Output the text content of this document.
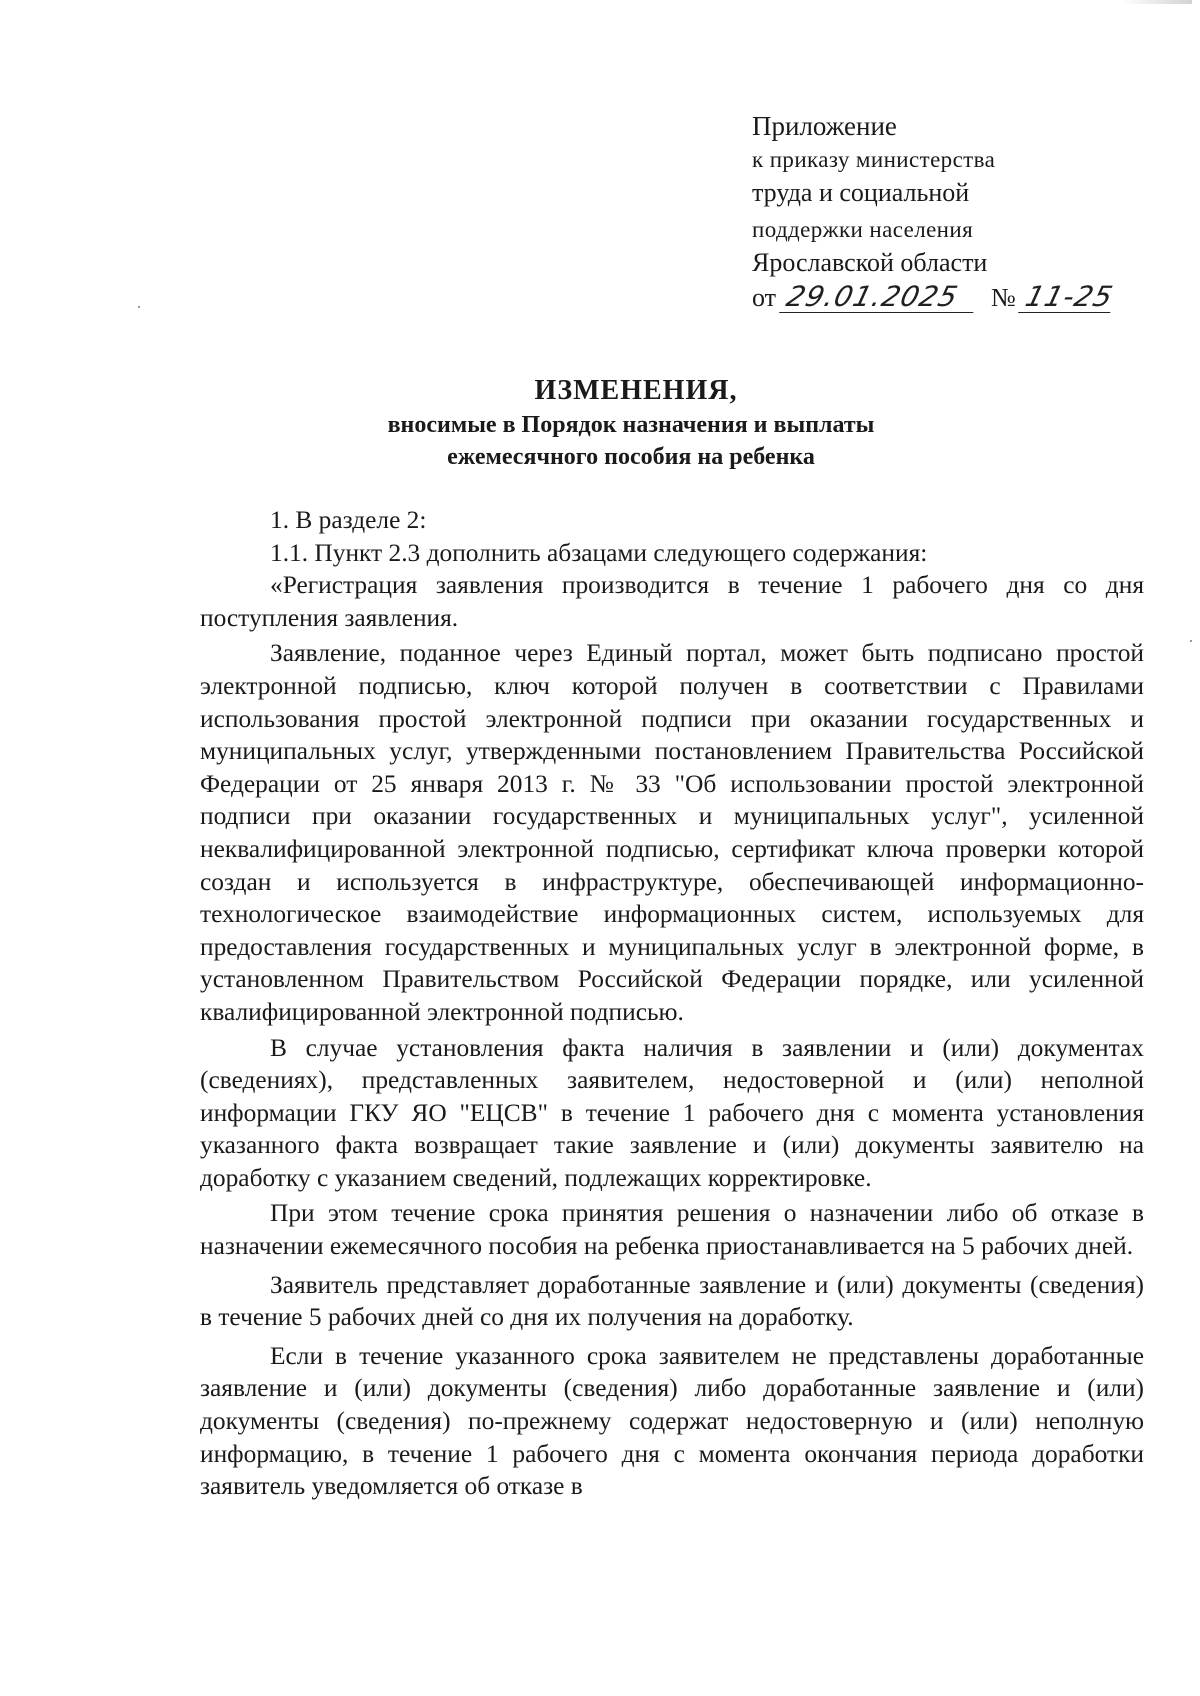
Приложение
к приказу министерства
труда и социальной
поддержки населения
Ярославской области
от 29.01.2025 № 11-25

ИЗМЕНЕНИЯ,

вносимые в Порядок назначения и выплаты

ежемесячного пособия на ребенка

1. В разделе 2:

1.1. Пункт 2.3 дополнить абзацами следующего содержания:

«Регистрация заявления производится в течение 1 рабочего дня со дня поступления заявления.

Заявление, поданное через Единый портал, может быть подписано простой электронной подписью, ключ которой получен в соответствии с Правилами использования простой электронной подписи при оказании государственных и муниципальных услуг, утвержденными постановлением Правительства Российской Федерации от 25 января 2013 г. № 33 "Об использовании простой электронной подписи при оказании государственных и муниципальных услуг", усиленной неквалифицированной электронной подписью, сертификат ключа проверки которой создан и используется в инфраструктуре, обеспечивающей информационно-технологическое взаимодействие информационных систем, используемых для предоставления государственных и муниципальных услуг в электронной форме, в установленном Правительством Российской Федерации порядке, или усиленной квалифицированной электронной подписью.

В случае установления факта наличия в заявлении и (или) документах (сведениях), представленных заявителем, недостоверной и (или) неполной информации ГКУ ЯО "ЕЦСВ" в течение 1 рабочего дня с момента установления указанного факта возвращает такие заявление и (или) документы заявителю на доработку с указанием сведений, подлежащих корректировке.

При этом течение срока принятия решения о назначении либо об отказе в назначении ежемесячного пособия на ребенка приостанавливается на 5 рабочих дней.

Заявитель представляет доработанные заявление и (или) документы (сведения) в течение 5 рабочих дней со дня их получения на доработку.

Если в течение указанного срока заявителем не представлены доработанные заявление и (или) документы (сведения) либо доработанные заявление и (или) документы (сведения) по-прежнему содержат недостоверную и (или) неполную информацию, в течение 1 рабочего дня с момента окончания периода доработки заявитель уведомляется об отказе в
